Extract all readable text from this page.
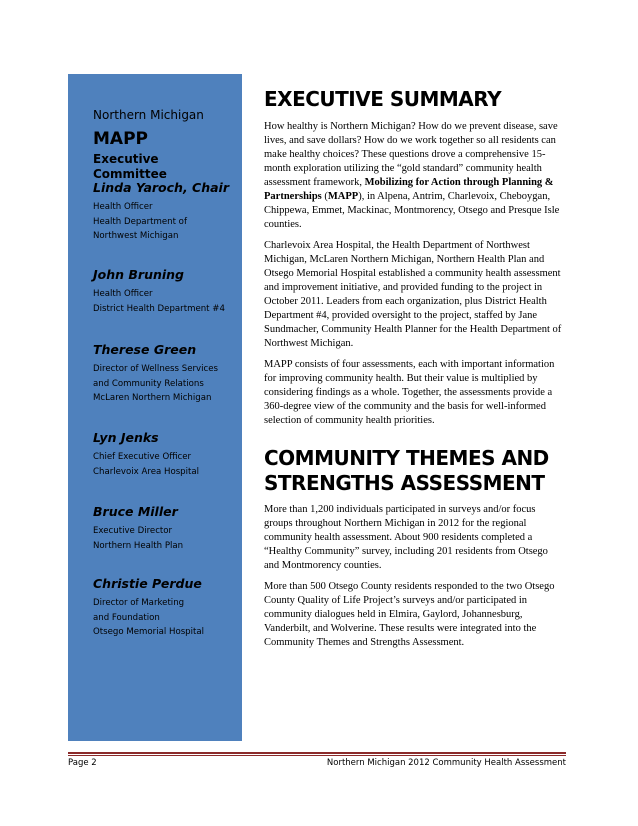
Northern Michigan
MAPP
Executive Committee
Linda Yaroch, Chair
Health Officer
Health Department of
Northwest Michigan
John Bruning
Health Officer
District Health Department #4
Therese Green
Director of Wellness Services
and Community Relations
McLaren Northern Michigan
Lyn Jenks
Chief Executive Officer
Charlevoix Area Hospital
Bruce Miller
Executive Director
Northern Health Plan
Christie Perdue
Director of Marketing
and Foundation
Otsego Memorial Hospital
EXECUTIVE SUMMARY

How healthy is Northern Michigan? How do we prevent disease, save lives, and save dollars? How do we work together so all residents can make healthy choices? These questions drove a comprehensive 15-month exploration utilizing the “gold standard” community health assessment framework, Mobilizing for Action through Planning & Partnerships (MAPP), in Alpena, Antrim, Charlevoix, Cheboygan, Chippewa, Emmet, Mackinac, Montmorency, Otsego and Presque Isle counties.

Charlevoix Area Hospital, the Health Department of Northwest Michigan, McLaren Northern Michigan, Northern Health Plan and Otsego Memorial Hospital established a community health assessment and improvement initiative, and provided funding to the project in October 2011. Leaders from each organization, plus District Health Department #4, provided oversight to the project, staffed by Jane Sundmacher, Community Health Planner for the Health Department of Northwest Michigan.

MAPP consists of four assessments, each with important information for improving community health. But their value is multiplied by considering findings as a whole. Together, the assessments provide a 360-degree view of the community and the basis for well-informed selection of community health priorities.

COMMUNITY THEMES AND
STRENGTHS ASSESSMENT

More than 1,200 individuals participated in surveys and/or focus groups throughout Northern Michigan in 2012 for the regional community health assessment. About 900 residents completed a “Healthy Community” survey, including 201 residents from Otsego and Montmorency counties.

More than 500 Otsego County residents responded to the two Otsego County Quality of Life Project’s surveys and/or participated in community dialogues held in Elmira, Gaylord, Johannesburg, Vanderbilt, and Wolverine. These results were integrated into the Community Themes and Strengths Assessment.

Page 2	Northern Michigan 2012 Community Health Assessment
